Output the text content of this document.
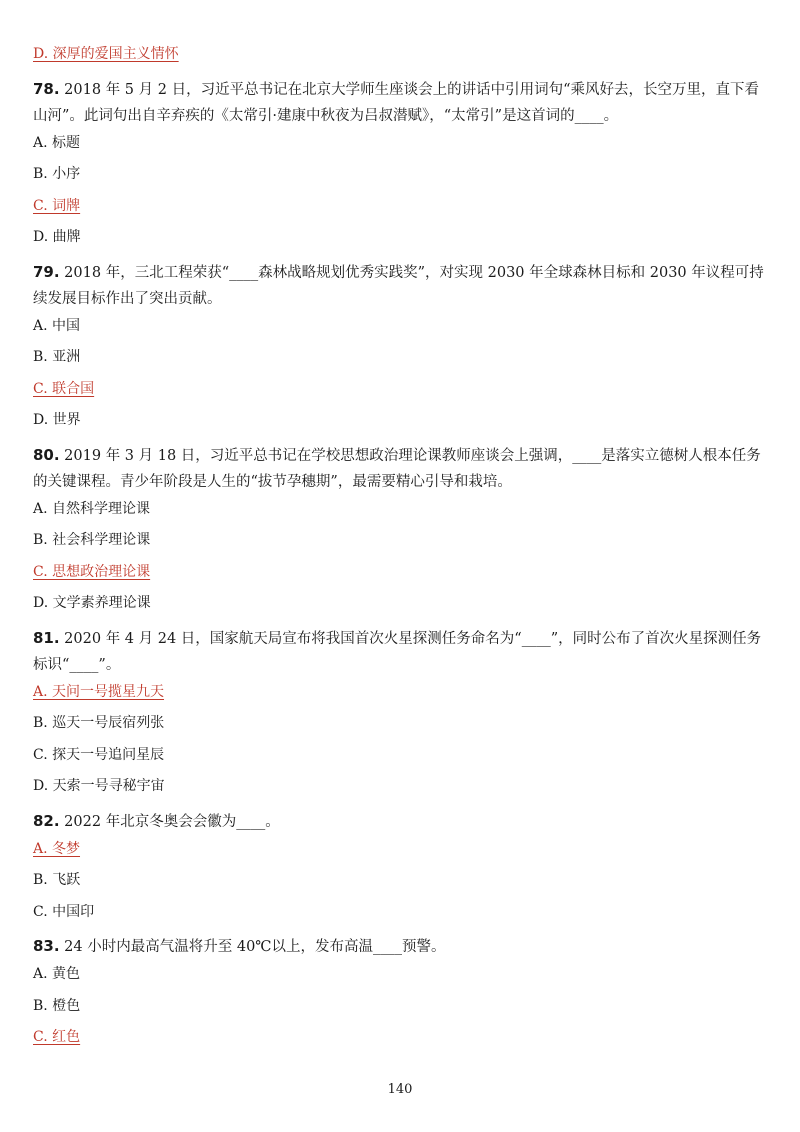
D. 深厚的爱国主义情怀

78. 2018 年 5 月 2 日，习近平总书记在北京大学师生座谈会上的讲话中引用词句“乘风好去，长空万里，直下看山河”。此词句出自辛弃疾的《太常引·建康中秋夜为吕叔潜赋》，“太常引”是这首词的____。

A. 标题

B. 小序

C. 词牌

D. 曲牌

79. 2018 年，三北工程荣获“____森林战略规划优秀实践奖”，对实现 2030 年全球森林目标和 2030 年议程可持续发展目标作出了突出贡献。

A. 中国

B. 亚洲

C. 联合国

D. 世界

80. 2019 年 3 月 18 日，习近平总书记在学校思想政治理论课教师座谈会上强调，____是落实立德树人根本任务的关键课程。青少年阶段是人生的“拔节孕穗期”，最需要精心引导和栽培。

A. 自然科学理论课

B. 社会科学理论课

C. 思想政治理论课

D. 文学素养理论课

81. 2020 年 4 月 24 日，国家航天局宣布将我国首次火星探测任务命名为“____”，同时公布了首次火星探测任务标识“____”。

A. 天问一号揽星九天

B. 巡天一号辰宿列张

C. 探天一号追问星辰

D. 天索一号寻秘宇宙

82. 2022 年北京冬奥会会徽为____。

A. 冬梦

B. 飞跃

C. 中国印

83. 24 小时内最高气温将升至 40℃以上，发布高温____预警。

A. 黄色

B. 橙色

C. 红色

140
